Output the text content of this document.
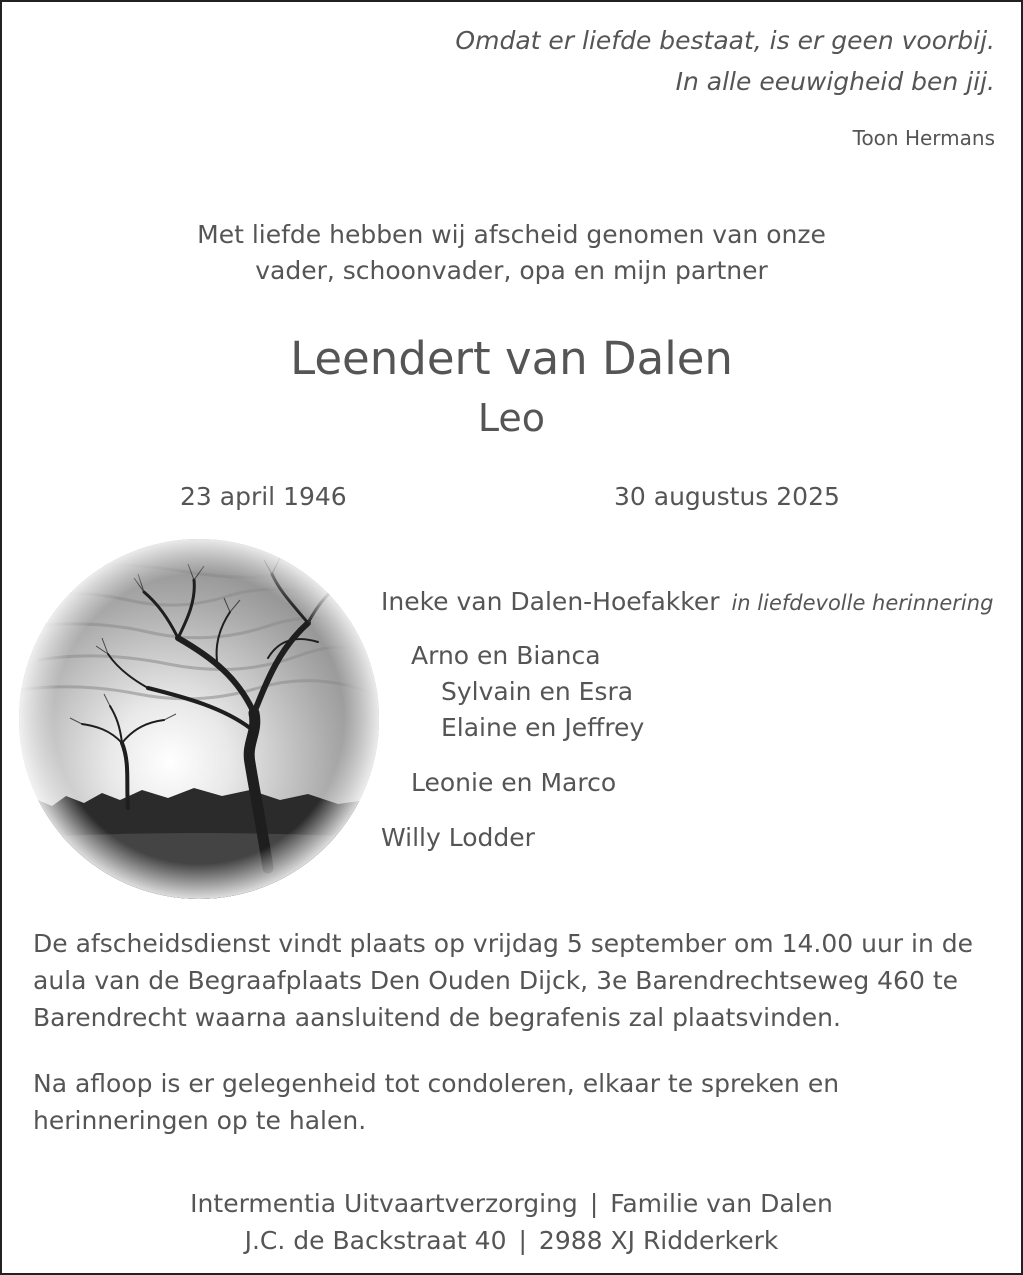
Omdat er liefde bestaat, is er geen voorbij.
In alle eeuwigheid ben jij.
Toon Hermans
Met liefde hebben wij afscheid genomen van onze
vader, schoonvader, opa en mijn partner
Leendert van Dalen
Leo
23 april 1946	30 augustus 2025
Ineke van Dalen-Hoefakker in liefdevolle herinnering
Arno en Bianca
Sylvain en Esra
Elaine en Jeffrey
Leonie en Marco
Willy Lodder

De afscheidsdienst vindt plaats op vrijdag 5 september om 14.00 uur in de aula van de Begraafplaats Den Ouden Dijck, 3e Barendrechtseweg 460 te Barendrecht waarna aansluitend de begrafenis zal plaatsvinden.

Na afloop is er gelegenheid tot condoleren, elkaar te spreken en herinneringen op te halen.

Intermentia Uitvaartverzorging | Familie van Dalen
J.C. de Backstraat 40 | 2988 XJ Ridderkerk
